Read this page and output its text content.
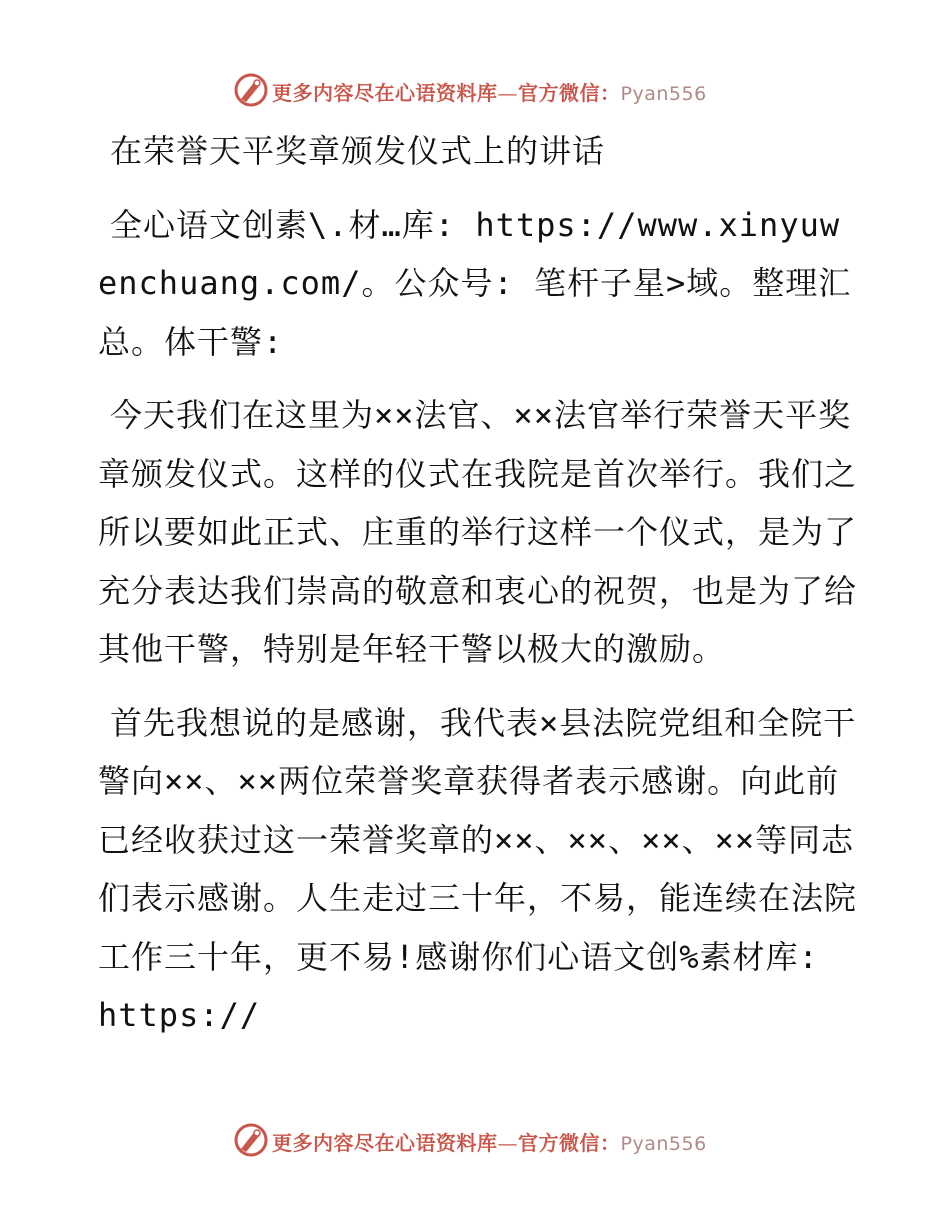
更多内容尽在心语资料库—官方微信：Pyan556

在荣誉天平奖章颁发仪式上的讲话

全心语文创素\.材…库: https://www.xinyuwenchuang.com/。公众号: 笔杆子星>域。整理汇总。体干警:

今天我们在这里为××法官、××法官举行荣誉天平奖章颁发仪式。这样的仪式在我院是首次举行。我们之所以要如此正式、庄重的举行这样一个仪式，是为了充分表达我们崇高的敬意和衷心的祝贺，也是为了给其他干警，特别是年轻干警以极大的激励。

首先我想说的是感谢，我代表×县法院党组和全院干警向××、××两位荣誉奖章获得者表示感谢。向此前已经收获过这一荣誉奖章的××、××、××、××等同志们表示感谢。人生走过三十年，不易，能连续在法院工作三十年，更不易!感谢你们心语文创%素材库: https://

更多内容尽在心语资料库—官方微信：Pyan556
